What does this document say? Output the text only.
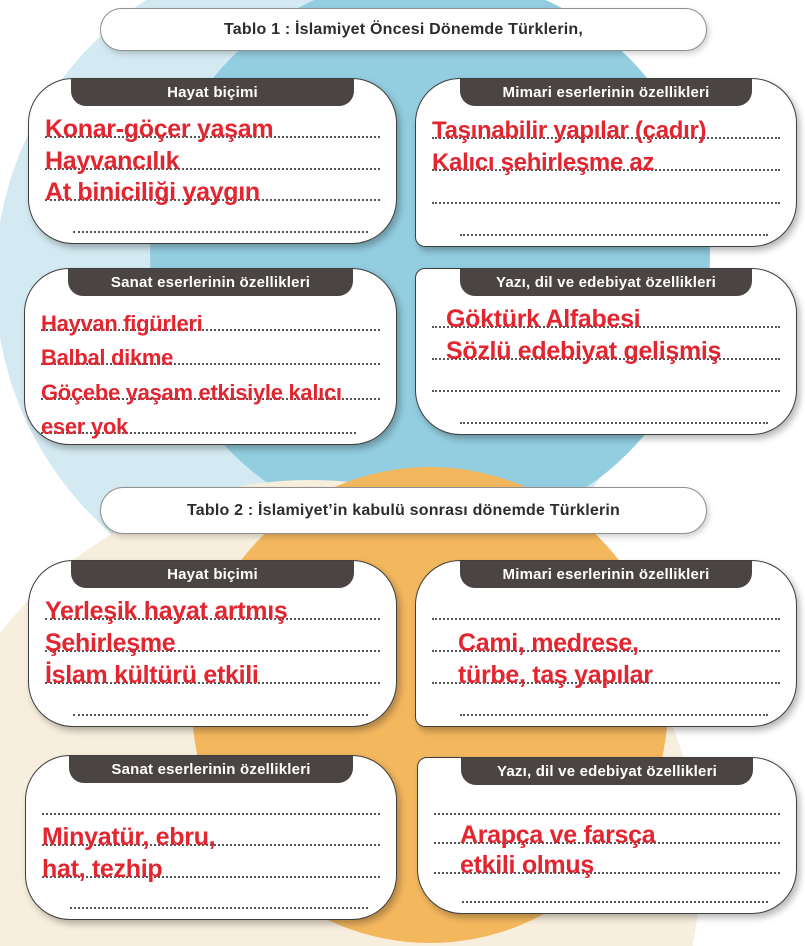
Tablo 1 : İslamiyet Öncesi Dönemde Türklerin,
Tablo 2 : İslamiyet’in kabulü sonrası dönemde Türklerin
Hayat biçimi
Konar-göçer yaşam
Hayvancılık
At biniciliği yaygın
Mimari eserlerinin özellikleri
Taşınabilir yapılar (çadır)
Kalıcı şehirleşme az
Sanat eserlerinin özellikleri
Hayvan figürleri
Balbal dikme
Göçebe yaşam etkisiyle kalıcı
eser yok
Yazı, dil ve edebiyat özellikleri
Göktürk Alfabesi
Sözlü edebiyat gelişmiş
Hayat biçimi
Yerleşik hayat artmış
Şehirleşme
İslam kültürü etkili
Mimari eserlerinin özellikleri
Cami, medrese,
türbe, taş yapılar
Sanat eserlerinin özellikleri
Minyatür, ebru,
hat, tezhip
Yazı, dil ve edebiyat özellikleri
Arapça ve farsça
etkili olmuş
